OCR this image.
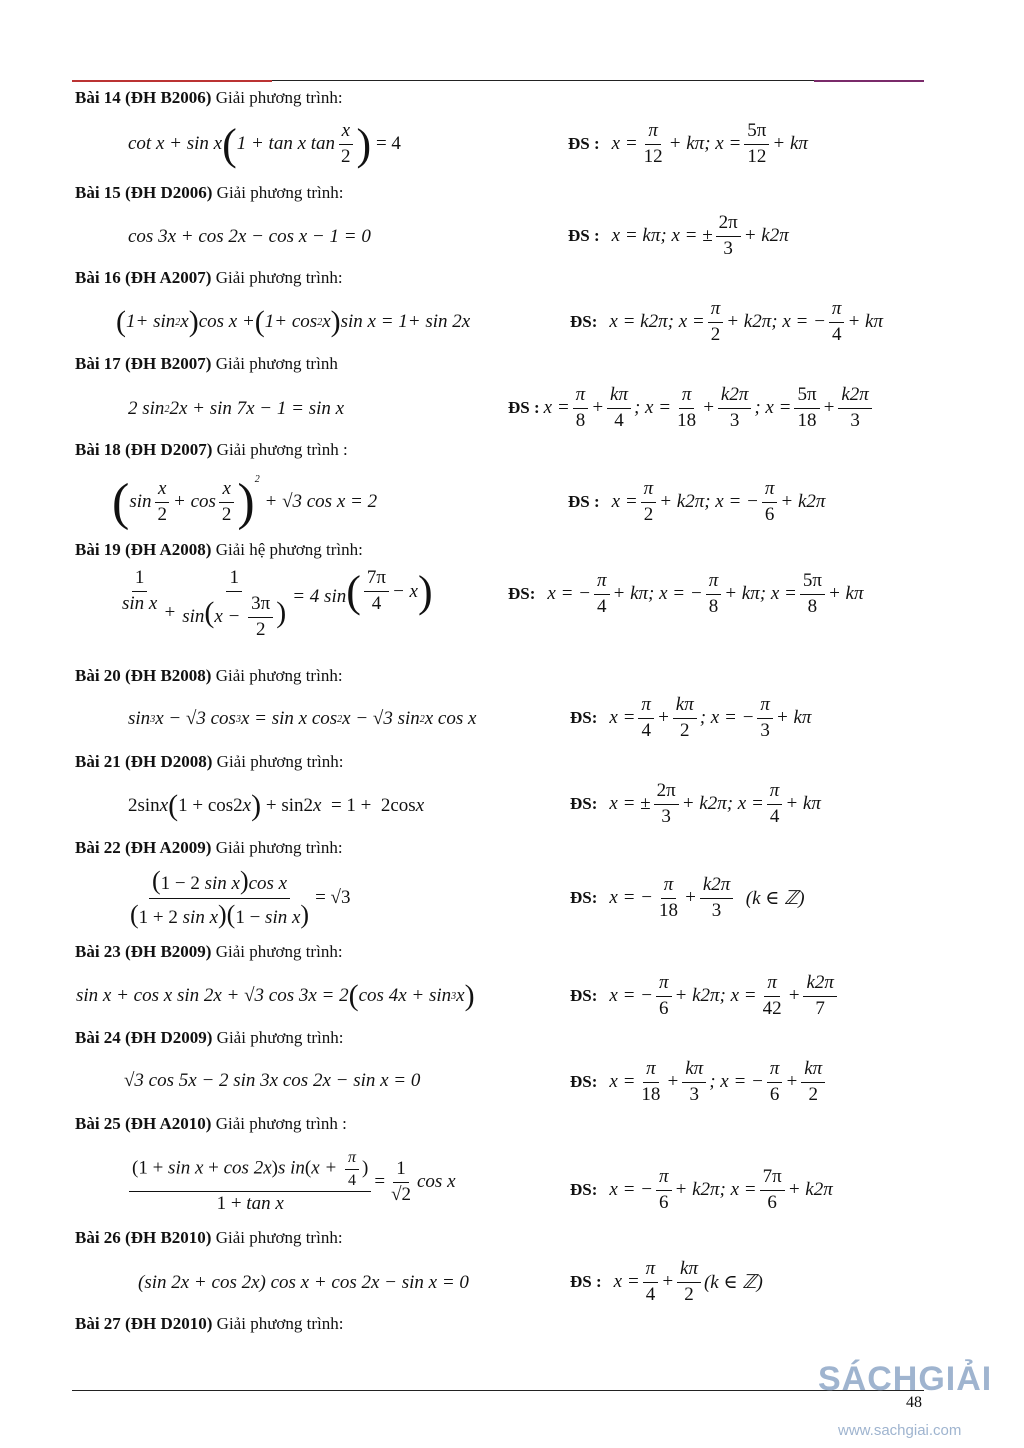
Bài 14 (ĐH B2006) Giải phương trình:
cot x + sin x ( 1 + tan x $\tan \frac{x}{2}$ ) = 4	ĐS : $x = \frac{\pi}{12} + k\pi$; $x = \frac{5\pi}{12} + k\pi$
Bài 15 (ĐH D2006) Giải phương trình:
cos 3x + cos 2x − cos x − 1 = 0	ĐS : x = kπ; x = ± $\frac{2\pi}{3} + k2\pi$
Bài 16 (ĐH A2007) Giải phương trình:
( 1+ sin 2 x ) cos x + ( 1+ cos 2 x ) sin x = 1+ sin 2x	ĐS: x = k2π; $x = \frac{\pi}{2} + k2\pi$; x = − $\frac{\pi}{4} + k\pi$
Bài 17 (ĐH B2007) Giải phương trình
2 sin 2 2x + sin 7x − 1 = sin x	ĐS : $x = \frac{\pi}{8} + \frac{k\pi}{4}$ ; $x = \frac{\pi}{18} + \frac{k2\pi}{3}$ ; $x = \frac{5\pi}{18} + \frac{k2\pi}{3}$
Bài 18 (ĐH D2007) Giải phương trình :
( $\sin \frac{x}{2} + \cos \frac{x}{2} )^2$
+ √3 cos x = 2	ĐS : $x = \frac{\pi}{2} + k2\pi$; x = − $\frac{\pi}{6} + k2\pi$
Bài 19 (ĐH A2008) Giải hệ phương trình:
$\frac{1}{\text{sin x}} + \frac{1}{\sin(x - \frac{3\pi}{2} )} = 4$ sin ( $\frac{7\pi}{4} - x$ )	ĐS: x = − $\frac{\pi}{4} + k\pi$; x = − $\frac{\pi}{8} + k\pi$; $x = \frac{5\pi}{8} + k\pi$
Bài 20 (ĐH B2008) Giải phương trình:
sin 3 x − √3 cos 3 x = sin x cos 2 x − √3 sin 2 x cos x	ĐS: $x = \frac{\pi}{4} + \frac{k\pi}{2}$ ; x = − $\frac{\pi}{3} + k\pi$
Bài 21 (ĐH D2008) Giải phương trình:
2sin x ( 1 + cos2 x ) + sin2 x = 1 +  2cos x	ĐS: x = ± $\frac{2\pi}{3} + k2\pi$; $x = \frac{\pi}{4} + k\pi$
Bài 22 (ĐH A2009) Giải phương trình:
$\frac{\text{(1 − 2 sin x)cos x}}{\text{(1 + 2 sin x)(1 − sin x)}} = √3$	ĐS: x = − $\frac{\pi}{18} + \frac{k2\pi}{3} (k$ ∈ ℤ)
Bài 23 (ĐH B2009) Giải phương trình:
sin x + cos x sin 2x + √3 cos 3x = 2 ( cos 4x + sin 3 x )	ĐS: x = − $\frac{\pi}{6} + k2\pi$; $x = \frac{\pi}{42} + \frac{k2\pi}{7}$
Bài 24 (ĐH D2009) Giải phương trình:
√3 cos 5x − 2 sin 3x cos 2x − sin x = 0	ĐS: $x = \frac{\pi}{18} + \frac{k\pi}{3}$ ; x = − $\frac{\pi}{6} + \frac{k\pi}{2}$
Bài 25 (ĐH A2010) Giải phương trình :
$\frac{(1 + \sin x + \cos 2x)s in(x + \frac{\pi}{4} )}{\text{1 + tan x}} = \frac{1}{√2}$ cos x	ĐS: x = − $\frac{\pi}{6} + k2\pi$; $x = \frac{7\pi}{6} + k2\pi$
Bài 26 (ĐH B2010) Giải phương trình:
(sin 2x + cos 2x) cos x + cos 2x − sin x = 0	ĐS : $x = \frac{\pi}{4} + \frac{k\pi}{2} (k$ ∈ ℤ)
Bài 27 (ĐH D2010) Giải phương trình:
SÁCHGIẢI
48
www.sachgiai.com
